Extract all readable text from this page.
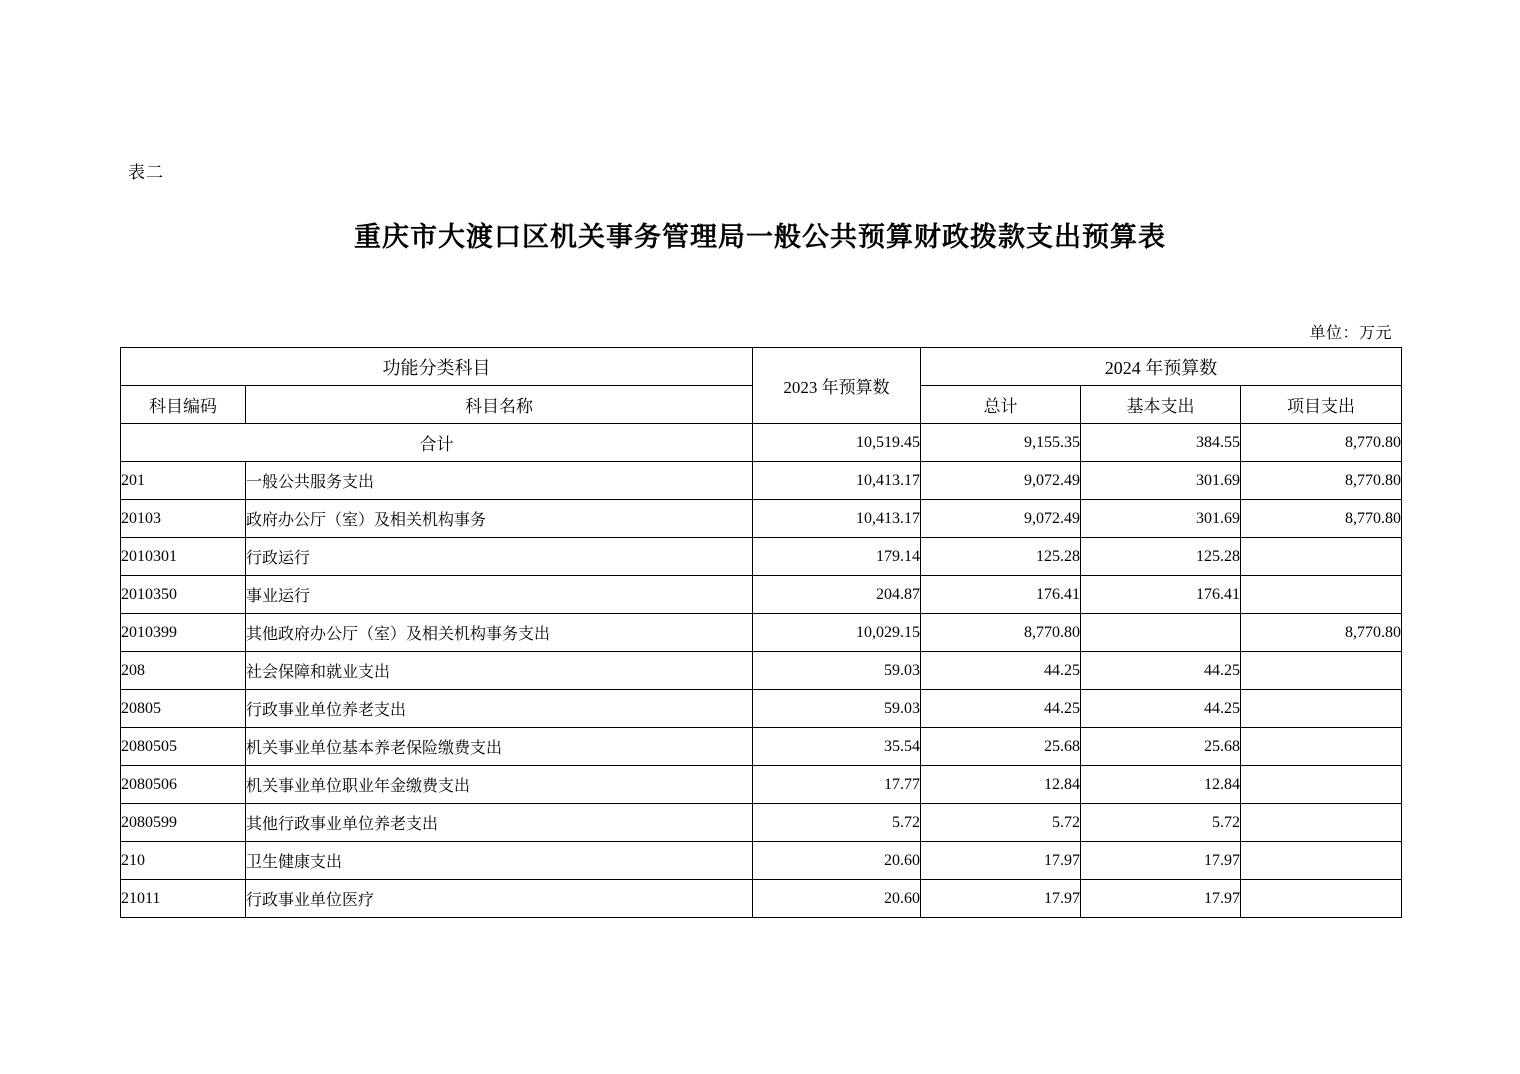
表二
重庆市大渡口区机关事务管理局一般公共预算财政拨款支出预算表
单位：万元
功能分类科目		2023 年预算数	2024 年预算数		
科目编码	科目名称		总计	基本支出	项目支出
合计		10,519.45	9,155.35	384.55	8,770.80
201	一般公共服务支出	10,413.17	9,072.49	301.69	8,770.80
20103	政府办公厅（室）及相关机构事务	10,413.17	9,072.49	301.69	8,770.80
2010301	行政运行	179.14	125.28	125.28	
2010350	事业运行	204.87	176.41	176.41	
2010399	其他政府办公厅（室）及相关机构事务支出	10,029.15	8,770.80		8,770.80
208	社会保障和就业支出	59.03	44.25	44.25	
20805	行政事业单位养老支出	59.03	44.25	44.25	
2080505	机关事业单位基本养老保险缴费支出	35.54	25.68	25.68	
2080506	机关事业单位职业年金缴费支出	17.77	12.84	12.84	
2080599	其他行政事业单位养老支出	5.72	5.72	5.72	
210	卫生健康支出	20.60	17.97	17.97	
21011	行政事业单位医疗	20.60	17.97	17.97	
